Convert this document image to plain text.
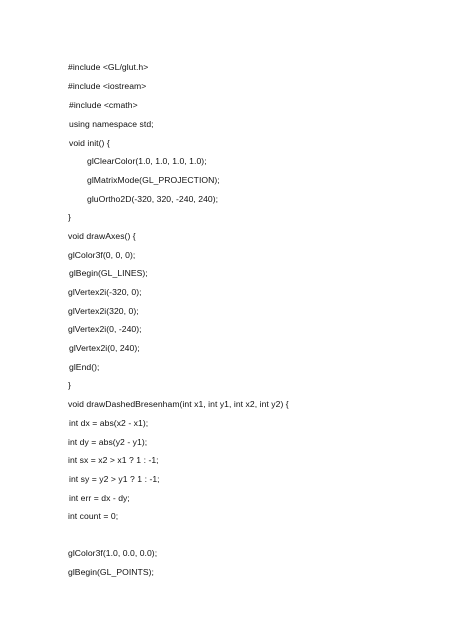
#include <GL/glut.h>
#include <iostream>
#include <cmath>
using namespace std;
void init() {
glClearColor(1.0, 1.0, 1.0, 1.0);
glMatrixMode(GL_PROJECTION);
gluOrtho2D(-320, 320, -240, 240);
}
void drawAxes() {
glColor3f(0, 0, 0);
glBegin(GL_LINES);
glVertex2i(-320, 0);
glVertex2i(320, 0);
glVertex2i(0, -240);
glVertex2i(0, 240);
glEnd();
}
void drawDashedBresenham(int x1, int y1, int x2, int y2) {
int dx = abs(x2 - x1);
int dy = abs(y2 - y1);
int sx = x2 > x1 ? 1 : -1;
int sy = y2 > y1 ? 1 : -1;
int err = dx - dy;
int count = 0;
glColor3f(1.0, 0.0, 0.0);
glBegin(GL_POINTS);
